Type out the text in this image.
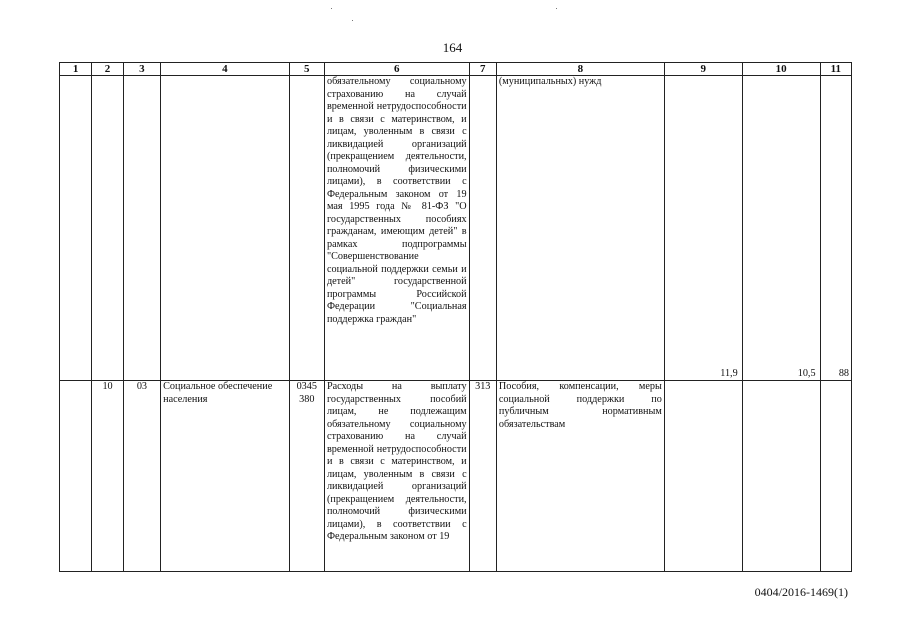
164
1	2	3	4	5	6	7	8	9	10	11
					обязательному социальному страхованию на случай временной нетрудоспособности и в связи с материнством, и лицам, уволенным в связи с ликвидацией организаций (прекращением деятельности, полномочий физическими лицами), в соответствии с Федеральным законом от 19 мая 1995 года № 81-ФЗ "О государственных пособиях гражданам, имеющим детей" в рамках подпрограммы "Совершенствование социальной поддержки семьи и детей" государственной программы Российской Федерации "Социальная поддержка граждан"		(муниципальных) нужд	11,9	10,5	88
	10	03	Социальное обеспечение населения	0345 380	Расходы на выплату государственных пособий лицам, не подлежащим обязательному социальному страхованию на случай временной нетрудоспособности и в связи с материнством, и лицам, уволенным в связи с ликвидацией организаций (прекращением деятельности, полномочий физическими лицами), в соответствии с Федеральным законом от 19	313	Пособия, компенсации, меры социальной поддержки по публичным нормативным обязательствам			
0404/2016-1469(1)
